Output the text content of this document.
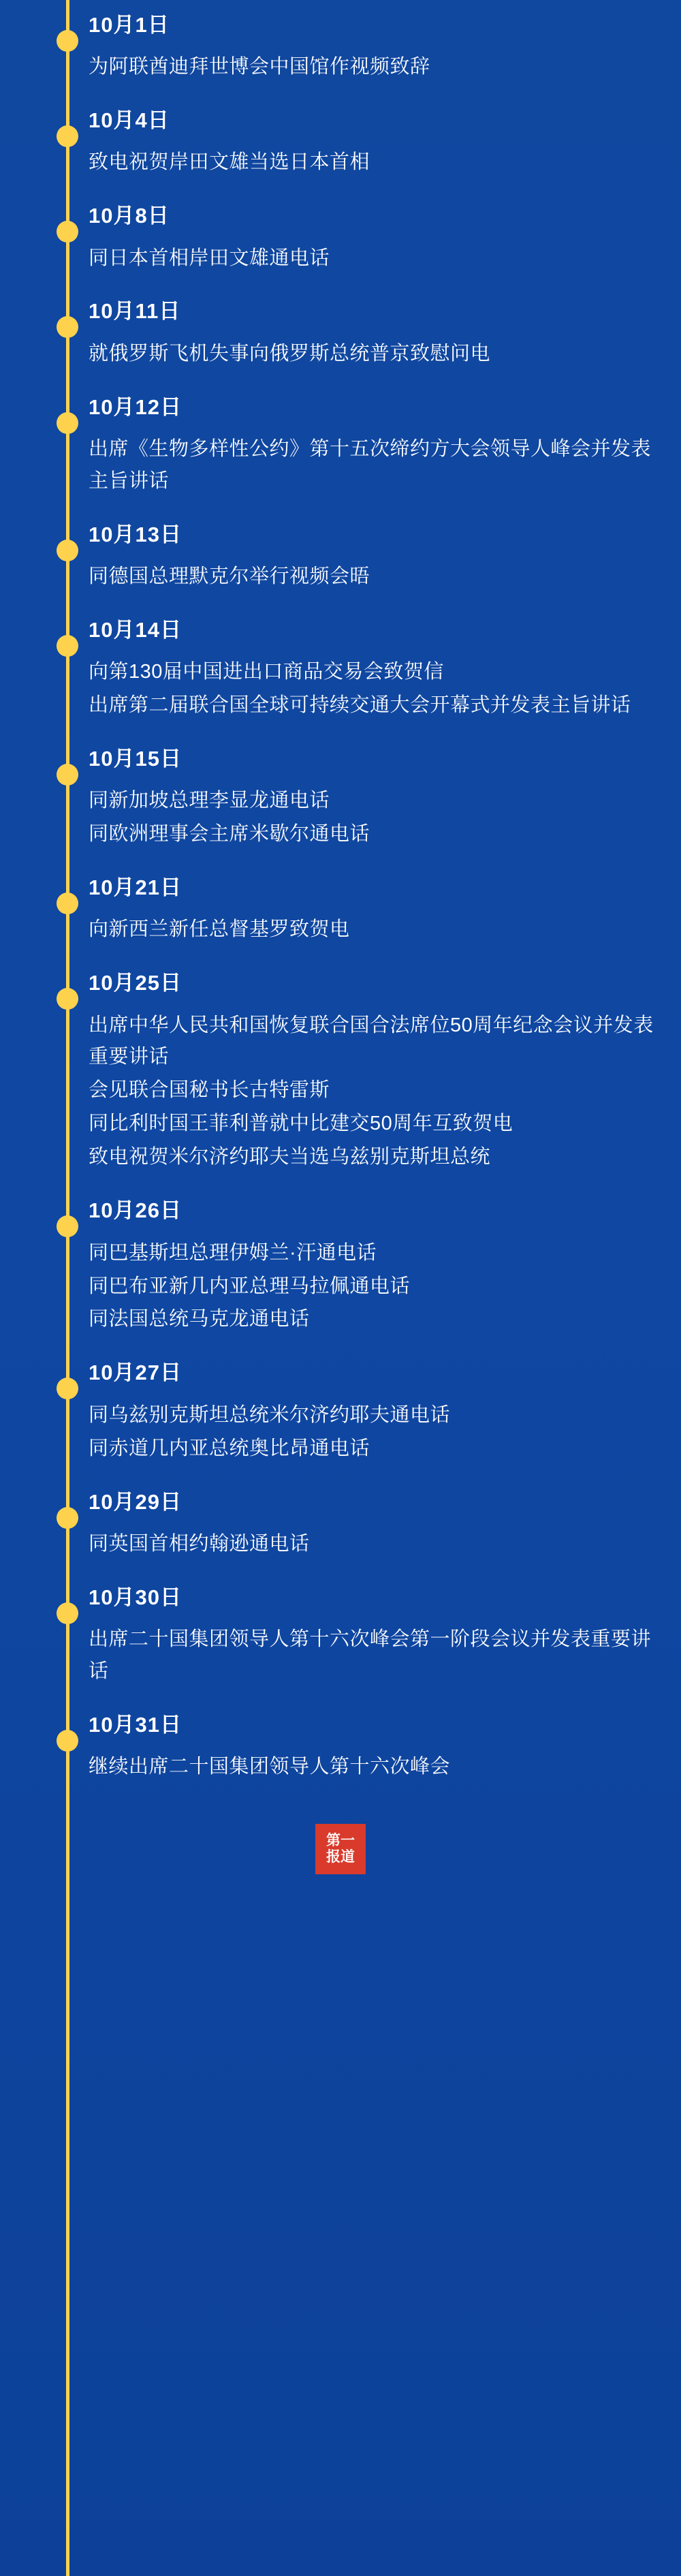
10月1日
为阿联酋迪拜世博会中国馆作视频致辞
10月4日
致电祝贺岸田文雄当选日本首相
10月8日
同日本首相岸田文雄通电话
10月11日
就俄罗斯飞机失事向俄罗斯总统普京致慰问电
10月12日
出席《生物多样性公约》第十五次缔约方大会领导人峰会并发表主旨讲话
10月13日
同德国总理默克尔举行视频会晤
10月14日
向第130届中国进出口商品交易会致贺信
出席第二届联合国全球可持续交通大会开幕式并发表主旨讲话
10月15日
同新加坡总理李显龙通电话
同欧洲理事会主席米歇尔通电话
10月21日
向新西兰新任总督基罗致贺电
10月25日
出席中华人民共和国恢复联合国合法席位50周年纪念会议并发表重要讲话
会见联合国秘书长古特雷斯
同比利时国王菲利普就中比建交50周年互致贺电
致电祝贺米尔济约耶夫当选乌兹别克斯坦总统
10月26日
同巴基斯坦总理伊姆兰·汗通电话
同巴布亚新几内亚总理马拉佩通电话
同法国总统马克龙通电话
10月27日
同乌兹别克斯坦总统米尔济约耶夫通电话
同赤道几内亚总统奥比昂通电话
10月29日
同英国首相约翰逊通电话
10月30日
出席二十国集团领导人第十六次峰会第一阶段会议并发表重要讲话
10月31日
继续出席二十国集团领导人第十六次峰会
第一报道
